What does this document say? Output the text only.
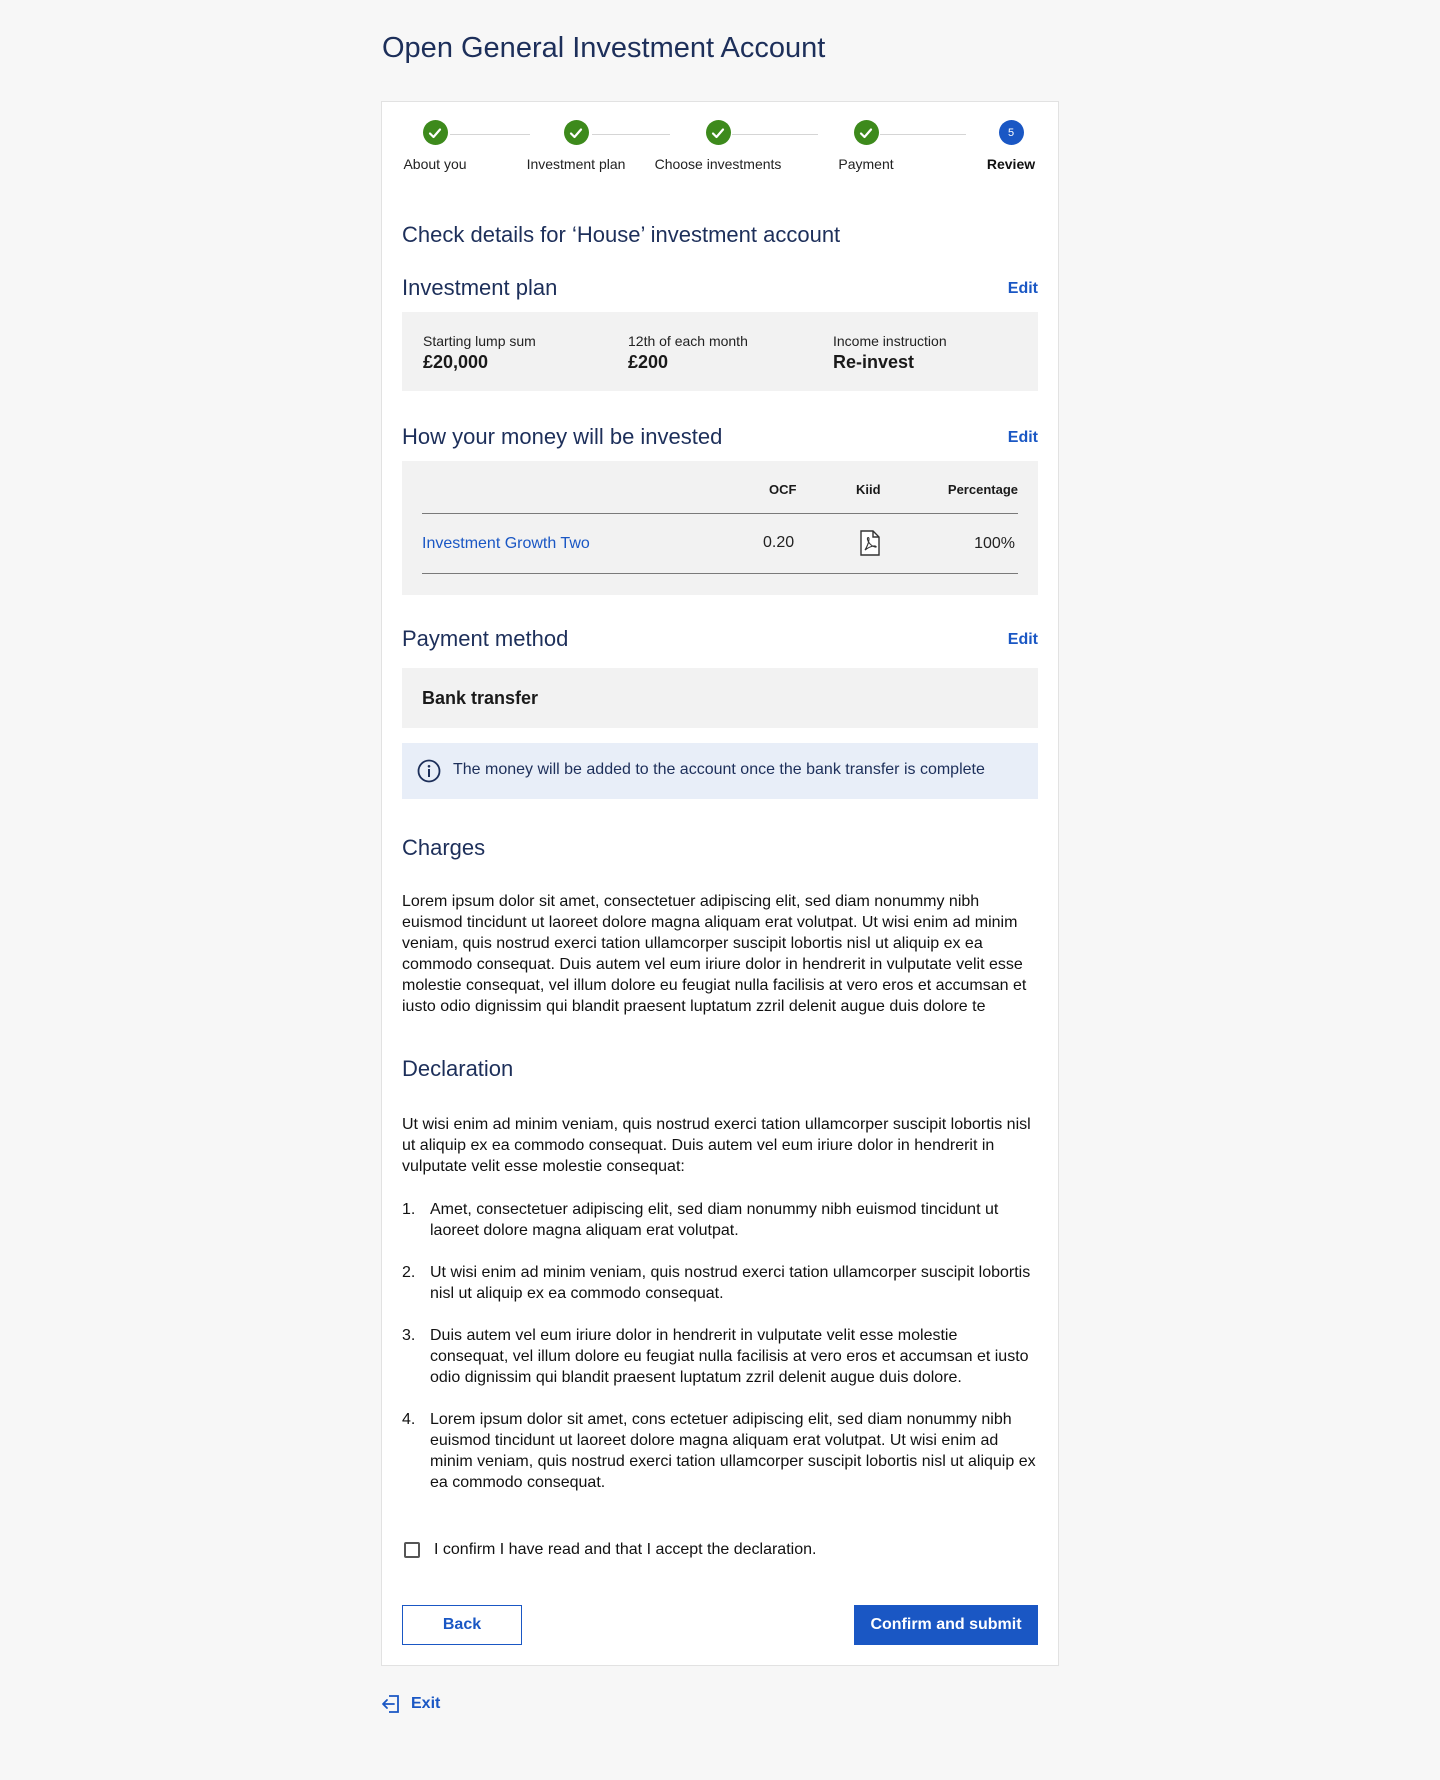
Open General Investment Account
About you	Investment plan	Choose investments	Payment
5
Review
Check details for ‘House’ investment account
Investment plan	Edit
Starting lump sum
£20,000
12th of each month
£200
Income instruction
Re-invest
How your money will be invested	Edit
OCF	Kiid	Percentage
Investment Growth Two	0.20	100%
Payment method	Edit
Bank transfer
The money will be added to the account once the bank transfer is complete
Charges

Lorem ipsum dolor sit amet, consectetuer adipiscing elit, sed diam nonummy nibh euismod tincidunt ut laoreet dolore magna aliquam erat volutpat. Ut wisi enim ad minim veniam, quis nostrud exerci tation ullamcorper suscipit lobortis nisl ut aliquip ex ea commodo consequat. Duis autem vel eum iriure dolor in hendrerit in vulputate velit esse molestie consequat, vel illum dolore eu feugiat nulla facilisis at vero eros et accumsan et iusto odio dignissim qui blandit praesent luptatum zzril delenit augue duis dolore te

Declaration

Ut wisi enim ad minim veniam, quis nostrud exerci tation ullamcorper suscipit lobortis nisl ut aliquip ex ea commodo consequat. Duis autem vel eum iriure dolor in hendrerit in vulputate velit esse molestie consequat:

1. Amet, consectetuer adipiscing elit, sed diam nonummy nibh euismod tincidunt ut laoreet dolore magna aliquam erat volutpat.
2. Ut wisi enim ad minim veniam, quis nostrud exerci tation ullamcorper suscipit lobortis nisl ut aliquip ex ea commodo consequat.
3. Duis autem vel eum iriure dolor in hendrerit in vulputate velit esse molestie consequat, vel illum dolore eu feugiat nulla facilisis at vero eros et accumsan et iusto odio dignissim qui blandit praesent luptatum zzril delenit augue duis dolore.
4. Lorem ipsum dolor sit amet, cons ectetuer adipiscing elit, sed diam nonummy nibh euismod tincidunt ut laoreet dolore magna aliquam erat volutpat. Ut wisi enim ad minim veniam, quis nostrud exerci tation ullamcorper suscipit lobortis nisl ut aliquip ex ea commodo consequat.
I confirm I have read and that I accept the declaration.
Back	Confirm and submit
Exit
